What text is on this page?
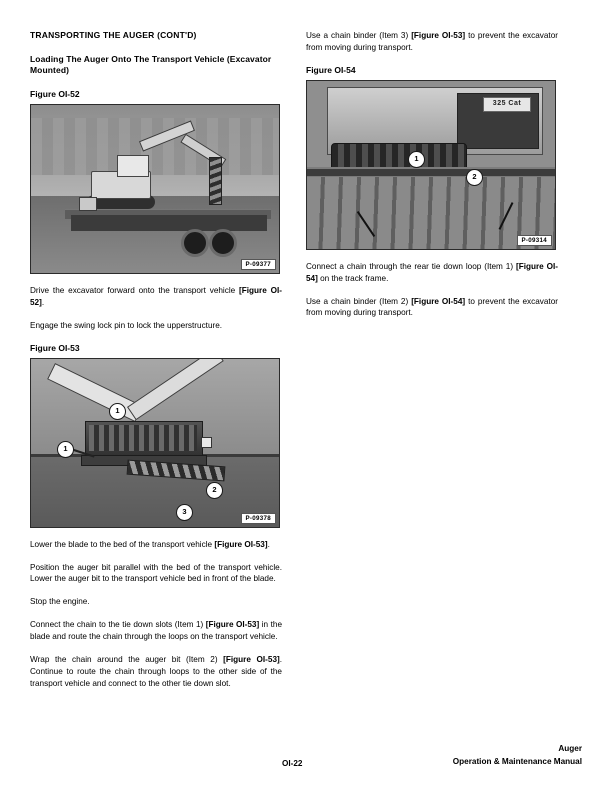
TRANSPORTING THE AUGER (CONT'D)
Loading The Auger Onto The Transport Vehicle (Excavator Mounted)
Figure OI-52
P-09377

Drive the excavator forward onto the transport vehicle [Figure OI-52].

Engage the swing lock pin to lock the upperstructure.

Figure OI-53
1
1
2
3
P-09378

Lower the blade to the bed of the transport vehicle [Figure OI-53].

Position the auger bit parallel with the bed of the transport vehicle. Lower the auger bit to the transport vehicle bed in front of the blade.

Stop the engine.

Connect the chain to the tie down slots (Item 1) [Figure OI-53] in the blade and route the chain through the loops on the transport vehicle.

Wrap the chain around the auger bit (Item 2) [Figure OI-53]. Continue to route the chain through loops to the other side of the transport vehicle and connect to the other tie down slot.

Use a chain binder (Item 3) [Figure OI-53] to prevent the excavator from moving during transport.

Figure OI-54
325 Cat
1
2
P-09314

Connect a chain through the rear tie down loop (Item 1) [Figure OI-54] on the track frame.

Use a chain binder (Item 2) [Figure OI-54] to prevent the excavator from moving during transport.

OI-22
Auger
Operation & Maintenance Manual
